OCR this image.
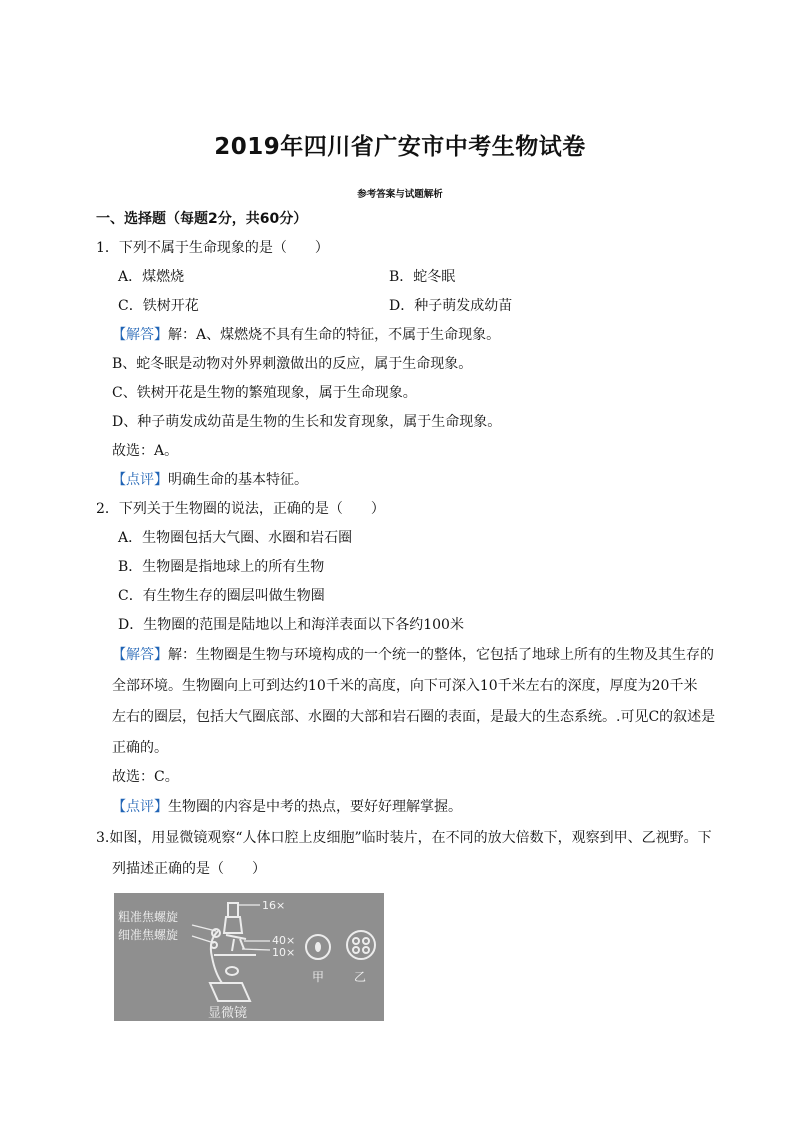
2019年四川省广安市中考生物试卷
参考答案与试题解析
一、选择题（每题2分，共60分）
1．下列不属于生命现象的是（　　）
A．煤燃烧	B．蛇冬眠
C．铁树开花	D．种子萌发成幼苗
【解答】解：A、煤燃烧不具有生命的特征，不属于生命现象。
B、蛇冬眠是动物对外界刺激做出的反应，属于生命现象。
C、铁树开花是生物的繁殖现象，属于生命现象。
D、种子萌发成幼苗是生物的生长和发育现象，属于生命现象。
故选：A。
【点评】明确生命的基本特征。
2．下列关于生物圈的说法，正确的是（　　）
A．生物圈包括大气圈、水圈和岩石圈
B．生物圈是指地球上的所有生物
C．有生物生存的圈层叫做生物圈
D．生物圈的范围是陆地以上和海洋表面以下各约100米
【解答】解：生物圈是生物与环境构成的一个统一的整体，它包括了地球上所有的生物及其生存的
全部环境。生物圈向上可到达约10千米的高度，向下可深入10千米左右的深度，厚度为20千米
左右的圈层，包括大气圈底部、水圈的大部和岩石圈的表面，是最大的生态系统。.可见C的叙述是
正确的。
故选：C。
【点评】生物圈的内容是中考的热点，要好好理解掌握。
3.如图，用显微镜观察“人体口腔上皮细胞”临时装片，在不同的放大倍数下，观察到甲、乙视野。下
列描述正确的是（　　）
粗准焦螺旋
细准焦螺旋
16×
40×
10×
甲 乙
显微镜
